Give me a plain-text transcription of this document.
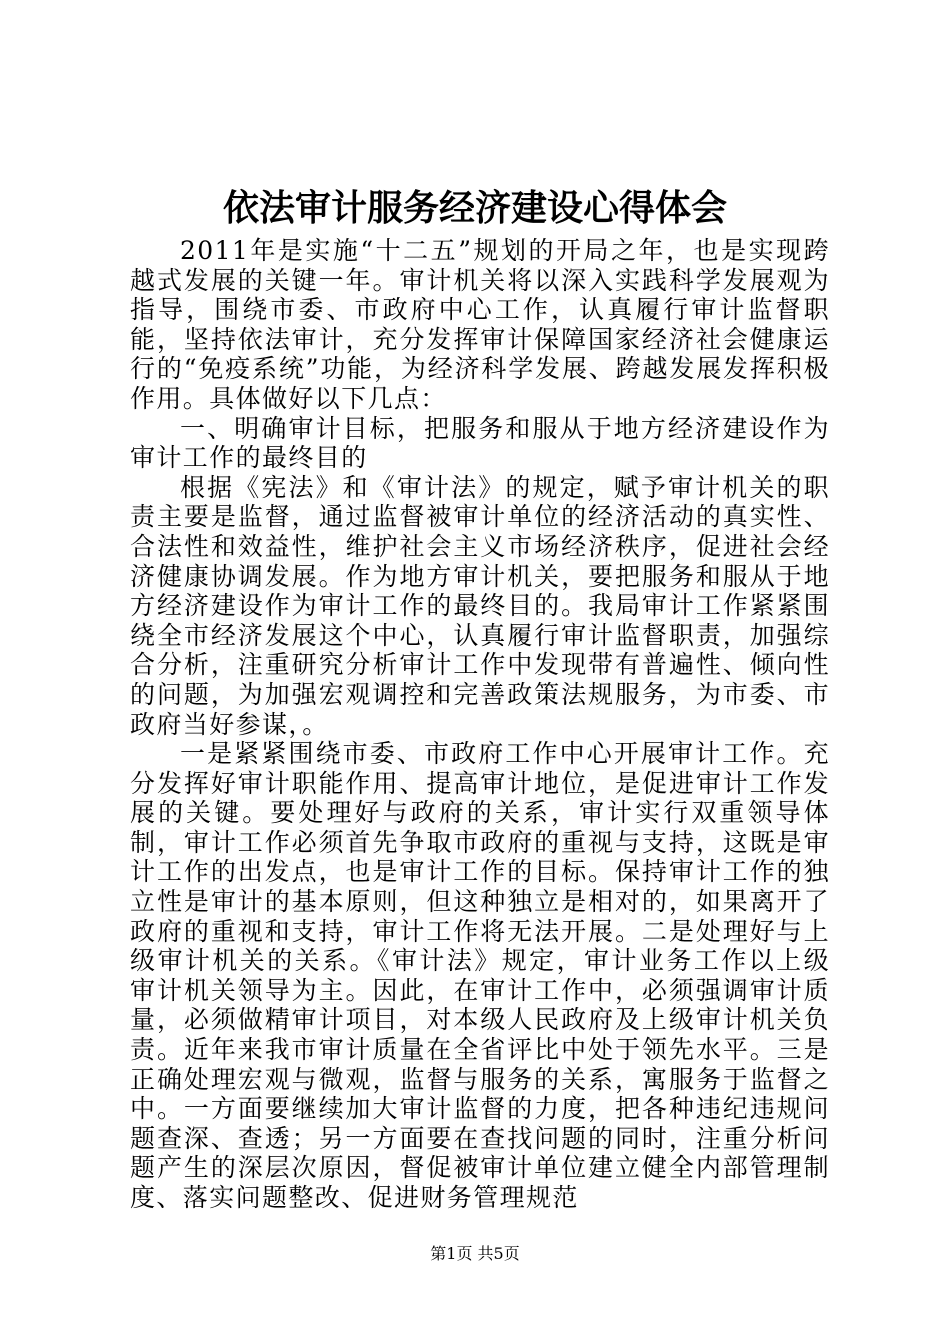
依法审计服务经济建设心得体会

2011年是实施“十二五”规划的开局之年，也是实现跨越式发展的关键一年。审计机关将以深入实践科学发展观为指导，围绕市委、市政府中心工作，认真履行审计监督职能，坚持依法审计，充分发挥审计保障国家经济社会健康运行的“免疫系统”功能，为经济科学发展、跨越发展发挥积极作用。具体做好以下几点：

一、明确审计目标，把服务和服从于地方经济建设作为审计工作的最终目的

根据《宪法》和《审计法》的规定，赋予审计机关的职责主要是监督，通过监督被审计单位的经济活动的真实性、合法性和效益性，维护社会主义市场经济秩序，促进社会经济健康协调发展。作为地方审计机关，要把服务和服从于地方经济建设作为审计工作的最终目的。我局审计工作紧紧围绕全市经济发展这个中心，认真履行审计监督职责，加强综合分析，注重研究分析审计工作中发现带有普遍性、倾向性的问题，为加强宏观调控和完善政策法规服务，为市委、市政府当好参谋，。

一是紧紧围绕市委、市政府工作中心开展审计工作。充分发挥好审计职能作用、提高审计地位，是促进审计工作发展的关键。要处理好与政府的关系，审计实行双重领导体制，审计工作必须首先争取市政府的重视与支持，这既是审计工作的出发点，也是审计工作的目标。保持审计工作的独立性是审计的基本原则，但这种独立是相对的，如果离开了政府的重视和支持，审计工作将无法开展。二是处理好与上级审计机关的关系。《审计法》规定，审计业务工作以上级审计机关领导为主。因此，在审计工作中，必须强调审计质量，必须做精审计项目，对本级人民政府及上级审计机关负责。近年来我市审计质量在全省评比中处于领先水平。三是正确处理宏观与微观，监督与服务的关系，寓服务于监督之中。一方面要继续加大审计监督的力度，把各种违纪违规问题查深、查透；另一方面要在查找问题的同时，注重分析问题产生的深层次原因，督促被审计单位建立健全内部管理制度、落实问题整改、促进财务管理规范

第1页 共5页
